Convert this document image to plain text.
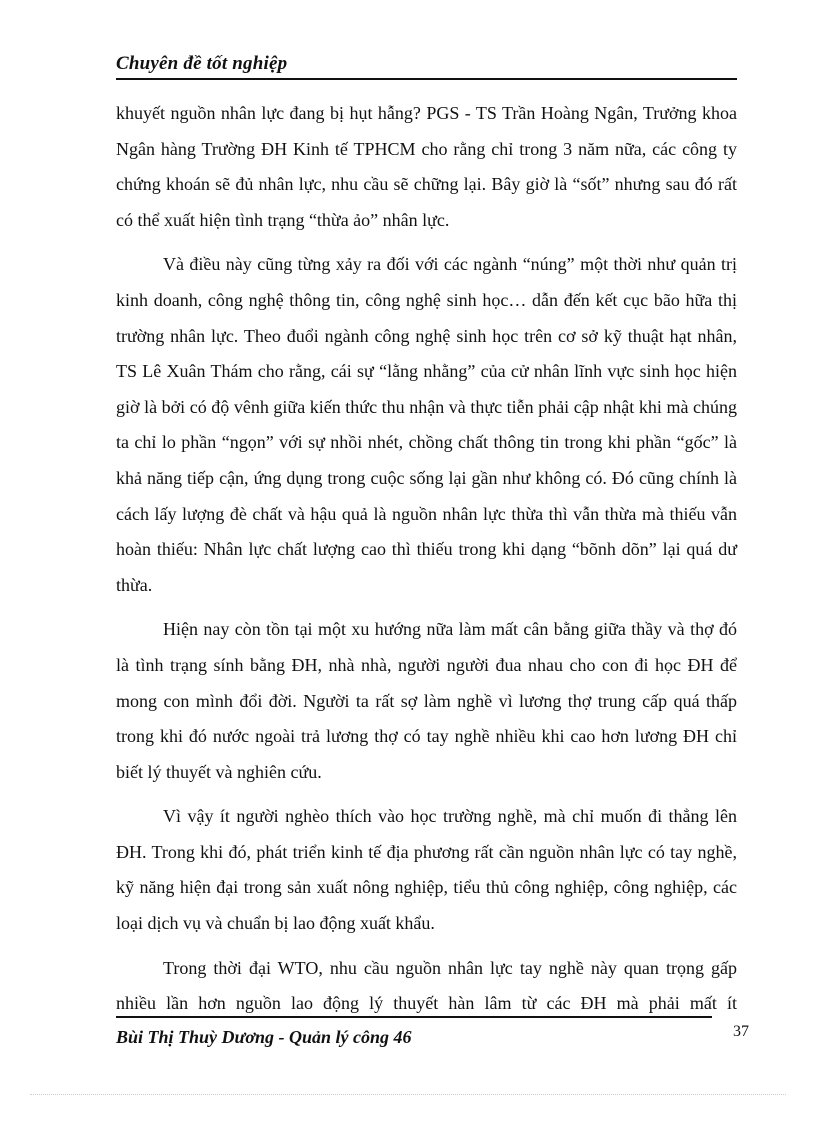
Chuyên đề tốt nghiệp

khuyết nguồn nhân lực đang bị hụt hẫng? PGS - TS Trần Hoàng Ngân, Trưởng khoa Ngân hàng Trường ĐH Kinh tế TPHCM cho rằng chỉ trong 3 năm nữa, các công ty chứng khoán sẽ đủ nhân lực, nhu cầu sẽ chững lại. Bây giờ là “sốt” nhưng sau đó rất có thể xuất hiện tình trạng “thừa ảo” nhân lực.

Và điều này cũng từng xảy ra đối với các ngành “núng” một thời như quản trị kinh doanh, công nghệ thông tin, công nghệ sinh học… dẫn đến kết cục bão hữa thị trường nhân lực. Theo đuổi ngành công nghệ sinh học trên cơ sở kỹ thuật hạt nhân, TS Lê Xuân Thám cho rằng, cái sự “lằng nhằng” của cử nhân lĩnh vực sinh học hiện giờ là bởi có độ vênh giữa kiến thức thu nhận và thực tiễn phải cập nhật khi mà chúng ta chỉ lo phần “ngọn” với sự nhồi nhét, chồng chất thông tin trong khi phần “gốc” là khả năng tiếp cận, ứng dụng trong cuộc sống lại gần như không có. Đó cũng chính là cách lấy lượng đè chất và hậu quả là nguồn nhân lực thừa thì vẫn thừa mà thiếu vẫn hoàn thiếu: Nhân lực chất lượng cao thì thiếu trong khi dạng “bõnh dõn” lại quá dư thừa.

Hiện nay còn tồn tại một xu hướng nữa làm mất cân bằng giữa thầy và thợ đó là tình trạng sính bằng ĐH, nhà nhà, người người đua nhau cho con đi học ĐH để mong con mình đổi đời. Người ta rất sợ làm nghề vì lương thợ trung cấp quá thấp trong khi đó nước ngoài trả lương thợ có tay nghề nhiều khi cao hơn lương ĐH chỉ biết lý thuyết và nghiên cứu.

Vì vậy ít người nghèo thích vào học trường nghề, mà chỉ muốn đi thẳng lên ĐH. Trong khi đó, phát triển kinh tế địa phương rất cần nguồn nhân lực có tay nghề, kỹ năng hiện đại trong sản xuất nông nghiệp, tiểu thủ công nghiệp, công nghiệp, các loại dịch vụ và chuẩn bị lao động xuất khẩu.

Trong thời đại WTO, nhu cầu nguồn nhân lực tay nghề này quan trọng gấp nhiều lần hơn nguồn lao động lý thuyết hàn lâm từ các ĐH mà phải mất ít

Bùi Thị Thuỳ Dương - Quản lý công 46	37
